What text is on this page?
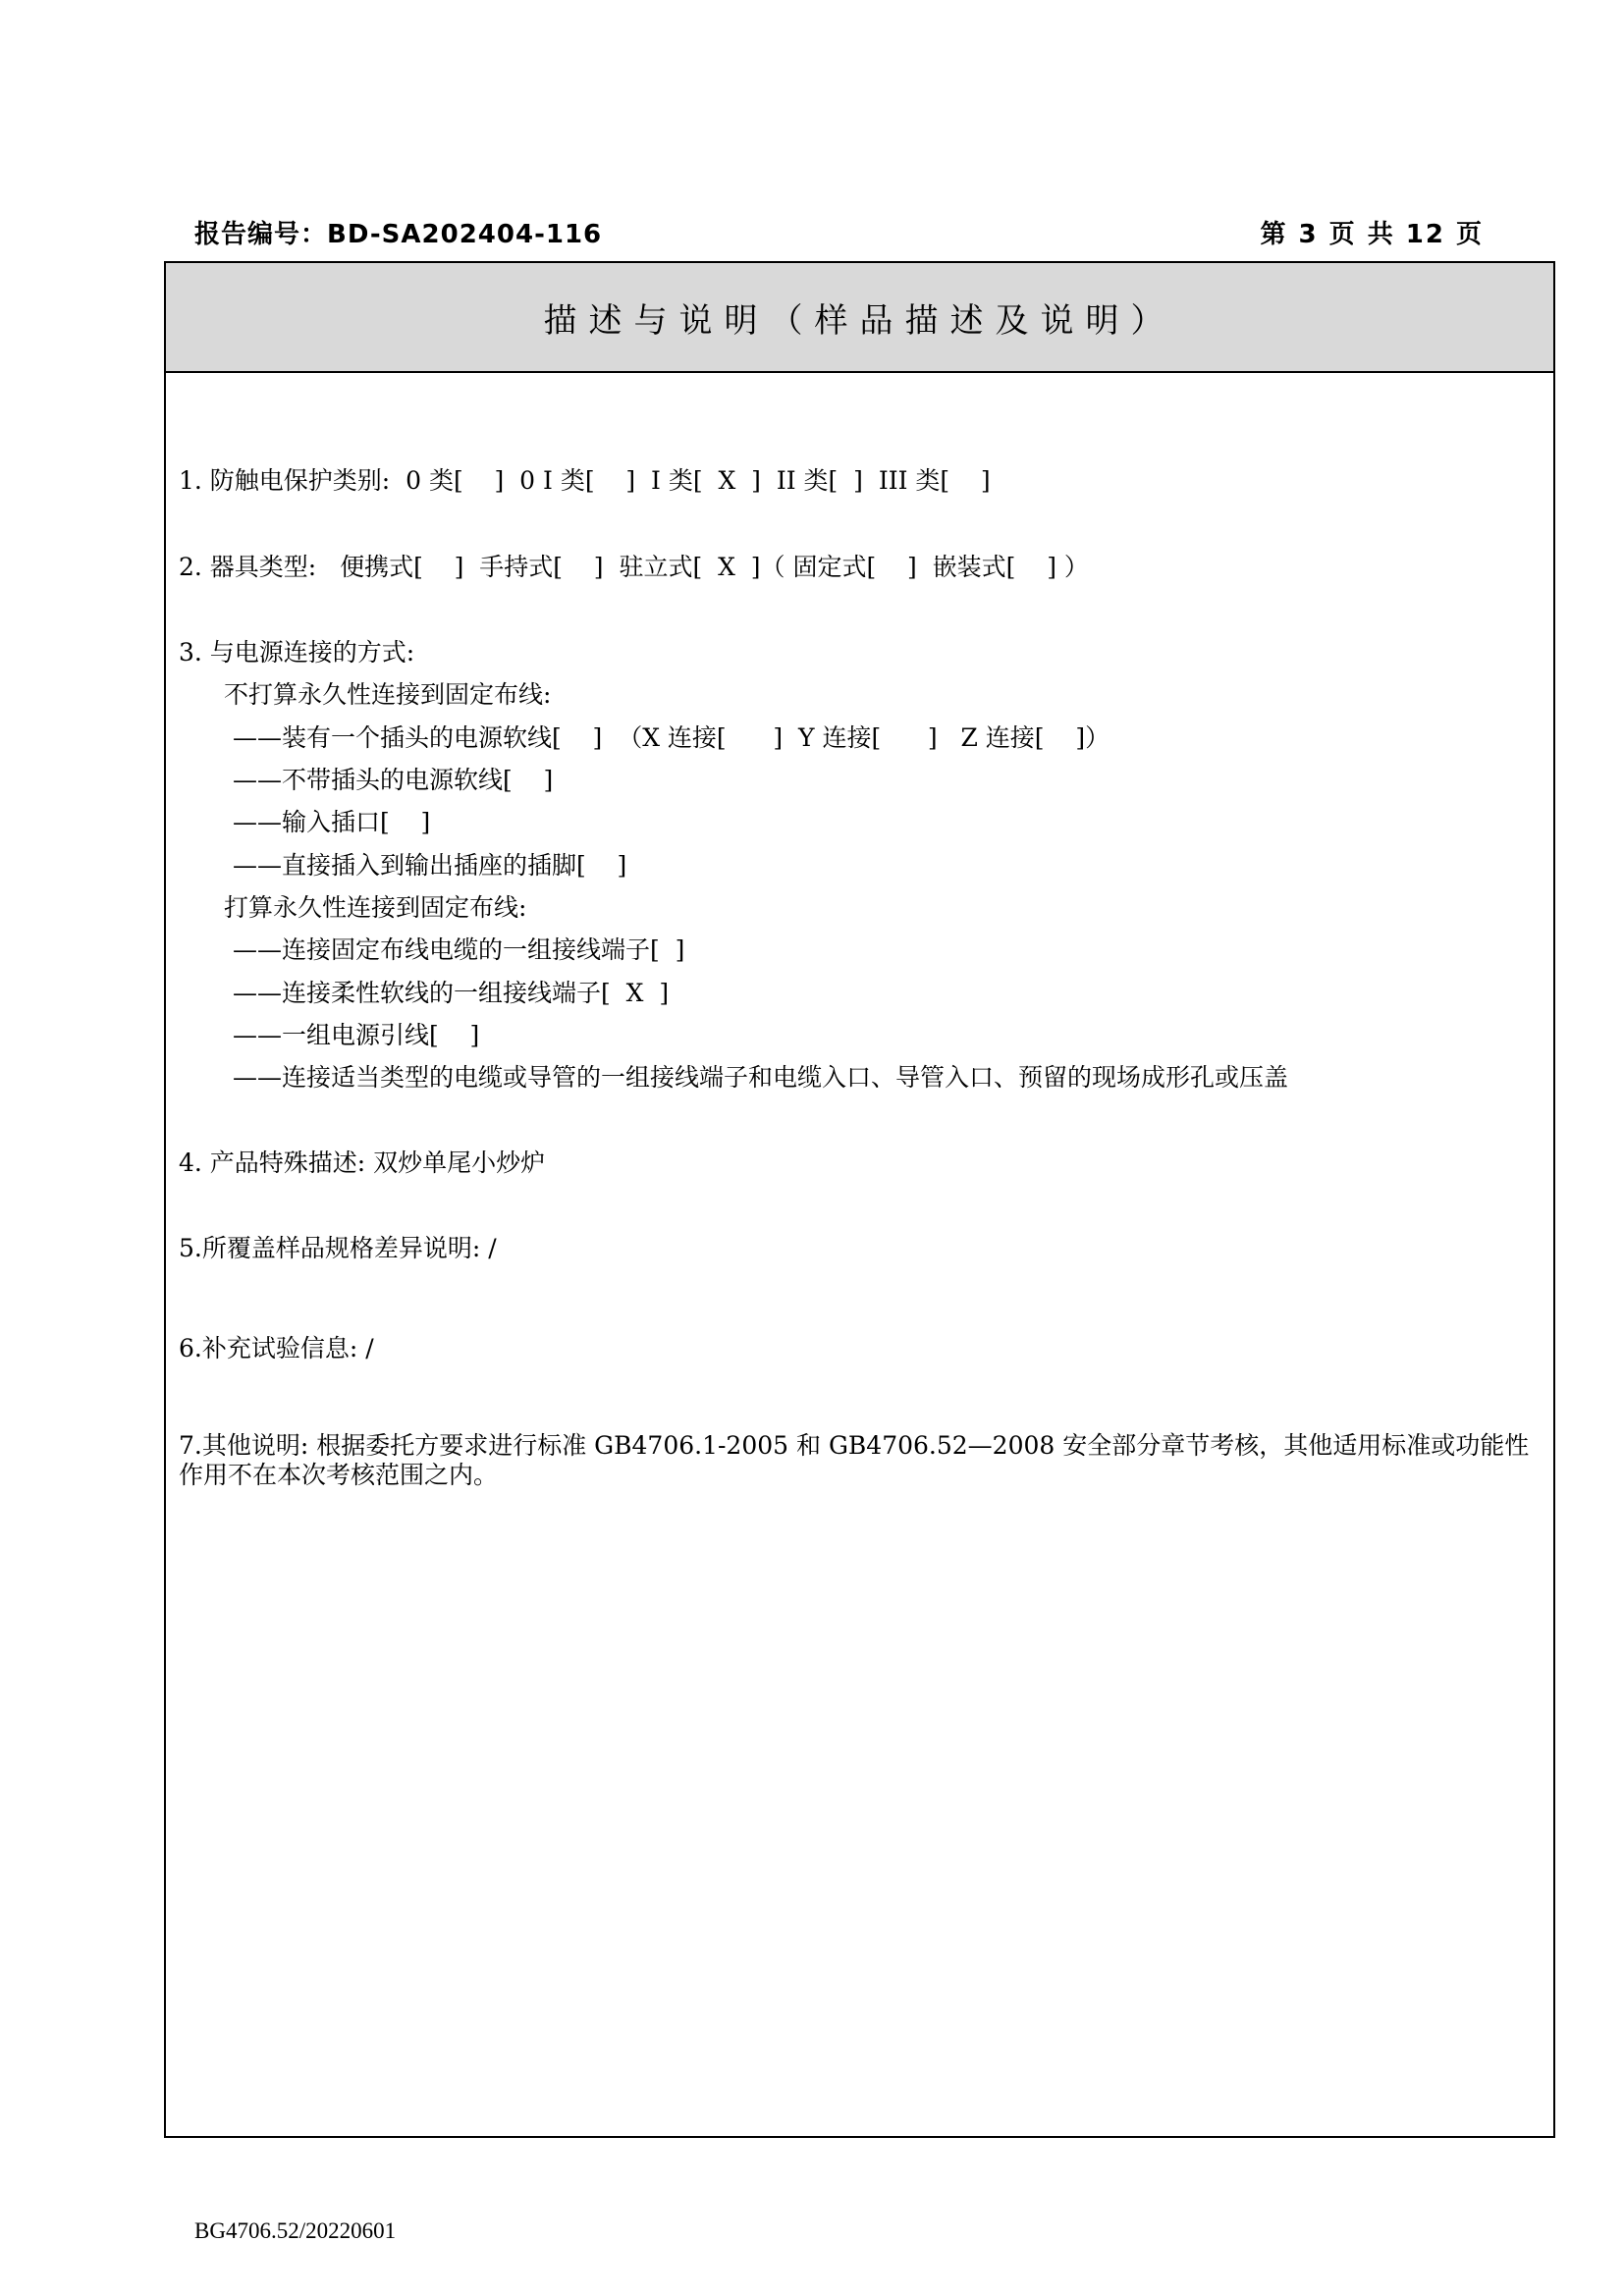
报告编号：BD-SA202404-116	第 3 页 共 12 页
描述与说明（样品描述及说明）
1. 防触电保护类别:  0 类[    ]  0 I 类[    ]  I 类[  X  ]  II 类[  ]  III 类[    ]
2. 器具类型:   便携式[    ]  手持式[    ]  驻立式[  X  ]（ 固定式[    ]  嵌装式[    ] ）
3. 与电源连接的方式:
不打算永久性连接到固定布线:
——装有一个插头的电源软线[    ]  （X 连接[      ]  Y 连接[      ]   Z 连接[    ]）
——不带插头的电源软线[    ]
——输入插口[    ]
——直接插入到输出插座的插脚[    ]
打算永久性连接到固定布线:
——连接固定布线电缆的一组接线端子[  ]
——连接柔性软线的一组接线端子[  X  ]
——一组电源引线[    ]
——连接适当类型的电缆或导管的一组接线端子和电缆入口、导管入口、预留的现场成形孔或压盖
4. 产品特殊描述: 双炒单尾小炒炉
5.所覆盖样品规格差异说明: /
6.补充试验信息: /
7.其他说明: 根据委托方要求进行标准 GB4706.1-2005 和 GB4706.52—2008 安全部分章节考核，其他适用标准或功能性作用不在本次考核范围之内。
BG4706.52/20220601
